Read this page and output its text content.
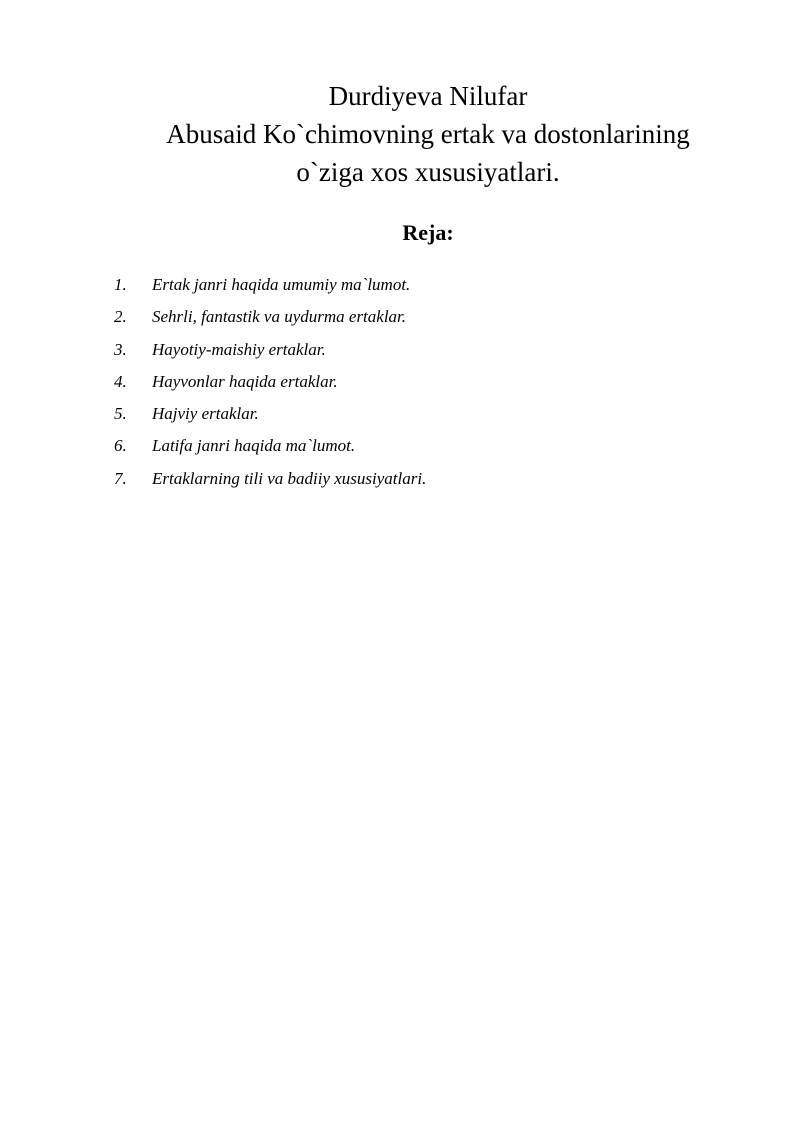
Durdiyeva Nilufar
Abusaid Ko`chimovning ertak va dostonlarining
o`ziga xos xususiyatlari.
Reja:
1. Ertak janri haqida umumiy ma`lumot.
2. Sehrli, fantastik va uydurma ertaklar.
3. Hayotiy-maishiy ertaklar.
4. Hayvonlar haqida ertaklar.
5. Hajviy ertaklar.
6. Latifa janri haqida ma`lumot.
7. Ertaklarning tili va badiiy xususiyatlari.
